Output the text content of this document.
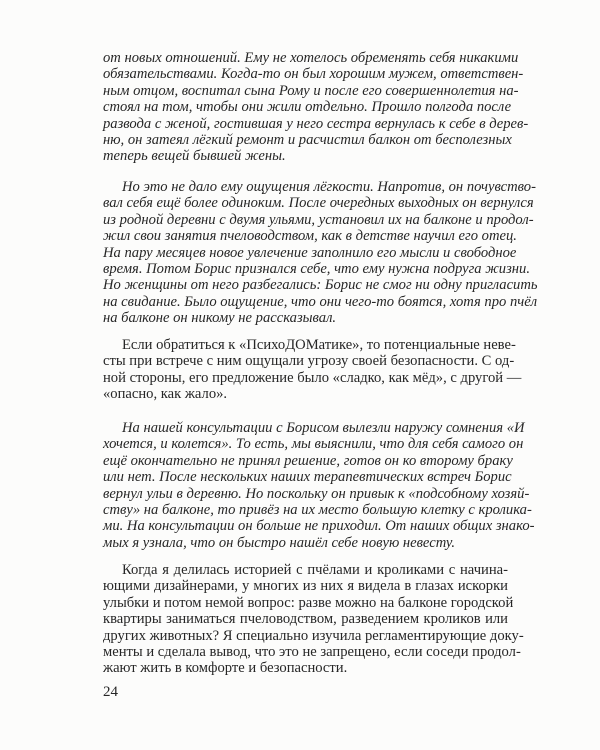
от новых отношений. Ему не хотелось обременять себя никакими
обязательствами. Когда-то он был хорошим мужем, ответствен-
ным отцом, воспитал сына Рому и после его совершеннолетия на-
стоял на том, чтобы они жили отдельно. Прошло полгода после
развода с женой, гостившая у него сестра вернулась к себе в дерев-
ню, он затеял лёгкий ремонт и расчистил балкон от бесполезных
теперь вещей бывшей жены.
Но это не дало ему ощущения лёгкости. Напротив, он почувство-
вал себя ещё более одиноким. После очередных выходных он вернулся
из родной деревни с двумя ульями, установил их на балконе и продол-
жил свои занятия пчеловодством, как в детстве научил его отец.
На пару месяцев новое увлечение заполнило его мысли и свободное
время. Потом Борис признался себе, что ему нужна подруга жизни.
Но женщины от него разбегались: Борис не смог ни одну пригласить
на свидание. Было ощущение, что они чего-то боятся, хотя про пчёл
на балконе он никому не рассказывал.
Если обратиться к «ПсихоДОМатике», то потенциальные неве-
сты при встрече с ним ощущали угрозу своей безопасности. С од-
ной стороны, его предложение было «сладко, как мёд», с другой —
«опасно, как жало».
На нашей консультации с Борисом вылезли наружу сомнения «И
хочется, и колется». То есть, мы выяснили, что для себя самого он
ещё окончательно не принял решение, готов он ко второму браку
или нет. После нескольких наших терапевтических встреч Борис
вернул ульи в деревню. Но поскольку он привык к «подсобному хозяй-
ству» на балконе, то привёз на их место большую клетку с кролика-
ми. На консультации он больше не приходил. От наших общих знако-
мых я узнала, что он быстро нашёл себе новую невесту.
Когда я делилась историей с пчёлами и кроликами с начина-
ющими дизайнерами, у многих из них я видела в глазах искорки
улыбки и потом немой вопрос: разве можно на балконе городской
квартиры заниматься пчеловодством, разведением кроликов или
других животных? Я специально изучила регламентирующие доку-
менты и сделала вывод, что это не запрещено, если соседи продол-
жают жить в комфорте и безопасности.
24
